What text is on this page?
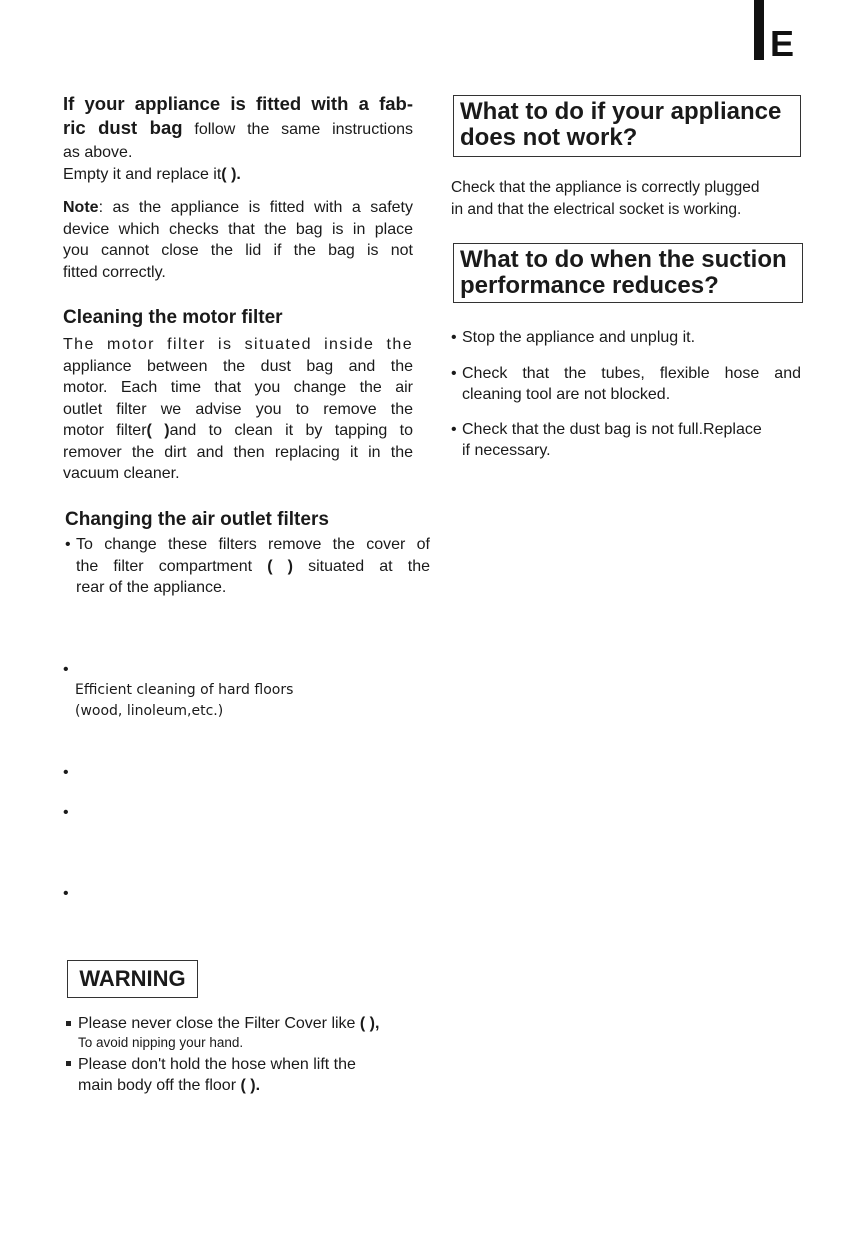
E

If your appliance is fitted with a fab-

ric dust bag follow the same instructions

as above.

Empty it and replace it( ).

Note: as the appliance is fitted with a safety

device which checks that the bag is in place

you cannot close the lid if the bag is not

fitted correctly.

Cleaning the motor filter

The motor filter is situated inside the

appliance between the dust bag and the

motor. Each time that you change the air

outlet filter we advise you to remove the

motor filter( )and to clean it by tapping to

remover the dirt and then replacing it in the

vacuum cleaner.

Changing the air outlet filters

• To change these filters remove the cover of
the filter compartment ( ) situated at the
rear of the appliance.
•
Efficient cleaning of hard floors
(wood, linoleum,etc.)
•
•
•
WARNING
Please never close the Filter Cover like ( ),
To avoid nipping your hand.
Please don't hold the hose when lift the
main body off the floor ( ).
What to do if your appliance
does not work?

Check that the appliance is correctly plugged

in and that the electrical socket is working.

What to do when the suction
performance reduces?
• Stop the appliance and unplug it.
• Check that the tubes, flexible hose and
cleaning tool are not blocked.
• Check that the dust bag is not full.Replace
if necessary.
